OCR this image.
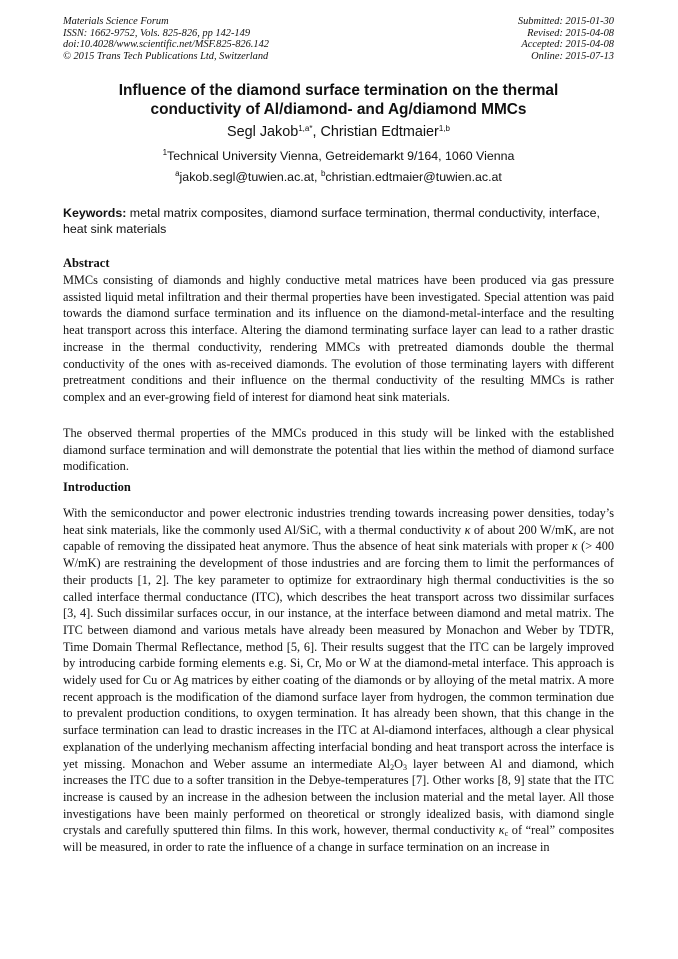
Materials Science Forum
ISSN: 1662-9752, Vols. 825-826, pp 142-149
doi:10.4028/www.scientific.net/MSF.825-826.142
© 2015 Trans Tech Publications Ltd, Switzerland
Submitted: 2015-01-30
Revised: 2015-04-08
Accepted: 2015-04-08
Online: 2015-07-13
Influence of the diamond surface termination on the thermal
conductivity of Al/diamond- and Ag/diamond MMCs
Segl Jakob$^{1,a*}$, Christian Edtmaier$^{1,b}$
$^1$Technical University Vienna, Getreidemarkt 9/164, 1060 Vienna
$^a$jakob.segl@tuwien.ac.at, $^b$christian.edtmaier@tuwien.ac.at
Keywords: metal matrix composites, diamond surface termination, thermal conductivity, interface, heat sink materials
Abstract

MMCs consisting of diamonds and highly conductive metal matrices have been produced via gas pressure assisted liquid metal infiltration and their thermal properties have been investigated. Special attention was paid towards the diamond surface termination and its influence on the diamond-metal-interface and the resulting heat transport across this interface. Altering the diamond terminating surface layer can lead to a rather drastic increase in the thermal conductivity, rendering MMCs with pretreated diamonds double the thermal conductivity of the ones with as-received diamonds. The evolution of those terminating layers with different pretreatment conditions and their influence on the thermal conductivity of the resulting MMCs is rather complex and an ever-growing field of interest for diamond heat sink materials.

The observed thermal properties of the MMCs produced in this study will be linked with the established diamond surface termination and will demonstrate the potential that lies within the method of diamond surface modification.

Introduction

With the semiconductor and power electronic industries trending towards increasing power densities, today’s heat sink materials, like the commonly used Al/SiC, with a thermal conductivity κ of about 200 W/mK, are not capable of removing the dissipated heat anymore. Thus the absence of heat sink materials with proper κ (> 400 W/mK) are restraining the development of those industries and are forcing them to limit the performances of their products [1, 2]. The key parameter to optimize for extraordinary high thermal conductivities is the so called interface thermal conductance (ITC), which describes the heat transport across two dissimilar surfaces [3, 4]. Such dissimilar surfaces occur, in our instance, at the interface between diamond and metal matrix. The ITC between diamond and various metals have already been measured by Monachon and Weber by TDTR, Time Domain Thermal Reflectance, method [5, 6]. Their results suggest that the ITC can be largely improved by introducing carbide forming elements e.g. Si, Cr, Mo or W at the diamond-metal interface. This approach is widely used for Cu or Ag matrices by either coating of the diamonds or by alloying of the metal matrix. A more recent approach is the modification of the diamond surface layer from hydrogen, the common termination due to prevalent production conditions, to oxygen termination. It has already been shown, that this change in the surface termination can lead to drastic increases in the ITC at Al-diamond interfaces, although a clear physical explanation of the underlying mechanism affecting interfacial bonding and heat transport across the interface is yet missing. Monachon and Weber assume an intermediate $Al_2O_3$ layer between Al and diamond, which increases the ITC due to a softer transition in the Debye-temperatures [7]. Other works [8, 9] state that the ITC increase is caused by an increase in the adhesion between the inclusion material and the metal layer. All those investigations have been mainly performed on theoretical or strongly idealized basis, with diamond single crystals and carefully sputtered thin films. In this work, however, thermal conductivity $\kappa_c$ of “real” composites will be measured, in order to rate the influence of a change in surface termination on an increase in
